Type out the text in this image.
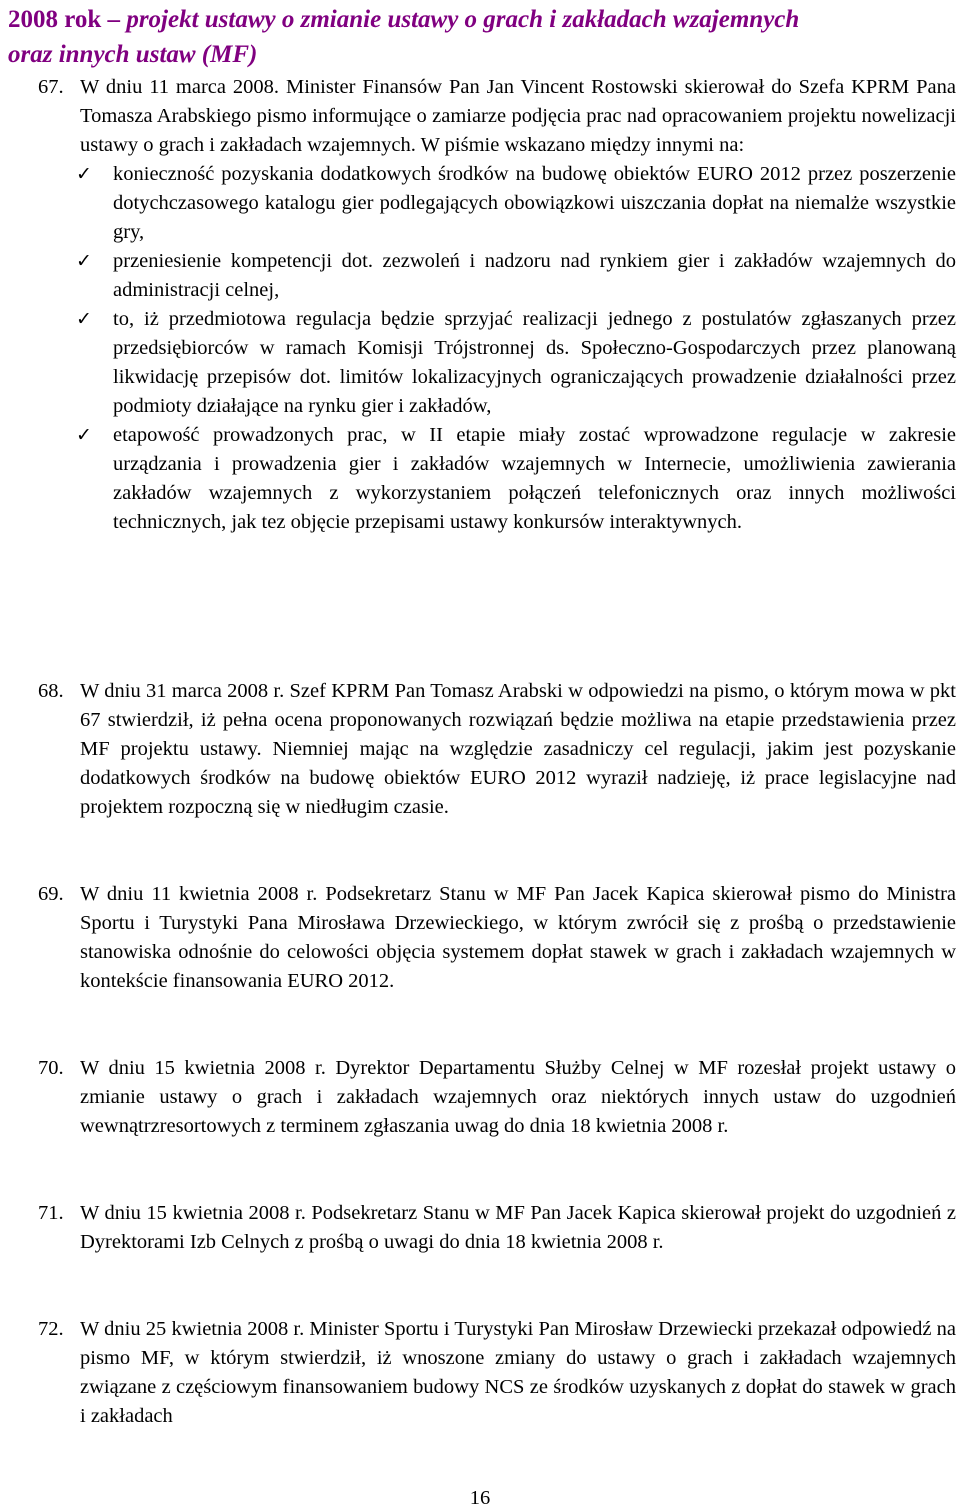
2008 rok – projekt ustawy o zmianie ustawy o grach i zakładach wzajemnych
oraz innych ustaw (MF)
67. W dniu 11 marca 2008. Minister Finansów Pan Jan Vincent Rostowski skierował do Szefa KPRM Pana Tomasza Arabskiego pismo informujące o zamiarze podjęcia prac nad opracowaniem projektu nowelizacji ustawy o grach i zakładach wzajemnych. W piśmie wskazano między innymi na:
✓ konieczność pozyskania dodatkowych środków na budowę obiektów EURO 2012 przez poszerzenie dotychczasowego katalogu gier podlegających obowiązkowi uiszczania dopłat na niemalże wszystkie gry,
✓ przeniesienie kompetencji dot. zezwoleń i nadzoru nad rynkiem gier i zakładów wzajemnych do administracji celnej,
✓ to, iż przedmiotowa regulacja będzie sprzyjać realizacji jednego z postulatów zgłaszanych przez przedsiębiorców w ramach Komisji Trójstronnej ds. Społeczno-Gospodarczych przez planowaną likwidację przepisów dot. limitów lokalizacyjnych ograniczających prowadzenie działalności przez podmioty działające na rynku gier i zakładów,
✓ etapowość prowadzonych prac, w II etapie miały zostać wprowadzone regulacje w zakresie urządzania i prowadzenia gier i zakładów wzajemnych w Internecie, umożliwienia zawierania zakładów wzajemnych z wykorzystaniem połączeń telefonicznych oraz innych możliwości technicznych, jak tez objęcie przepisami ustawy konkursów interaktywnych.
68. W dniu 31 marca 2008 r. Szef KPRM Pan Tomasz Arabski w odpowiedzi na pismo, o którym mowa w pkt 67 stwierdził, iż pełna ocena proponowanych rozwiązań będzie możliwa na etapie przedstawienia przez MF projektu ustawy. Niemniej mając na względzie zasadniczy cel regulacji, jakim jest pozyskanie dodatkowych środków na budowę obiektów EURO 2012 wyraził nadzieję, iż prace legislacyjne nad projektem rozpoczną się w niedługim czasie.
69. W dniu 11 kwietnia 2008 r. Podsekretarz Stanu w MF Pan Jacek Kapica skierował pismo do Ministra Sportu i Turystyki Pana Mirosława Drzewieckiego, w którym zwrócił się z prośbą o przedstawienie stanowiska odnośnie do celowości objęcia systemem dopłat stawek w grach i zakładach wzajemnych w kontekście finansowania EURO 2012.
70. W dniu 15 kwietnia 2008 r. Dyrektor Departamentu Służby Celnej w MF rozesłał projekt ustawy o zmianie ustawy o grach i zakładach wzajemnych oraz niektórych innych ustaw do uzgodnień wewnątrzresortowych z terminem zgłaszania uwag do dnia 18 kwietnia 2008 r.
71. W dniu 15 kwietnia 2008 r. Podsekretarz Stanu w MF Pan Jacek Kapica skierował projekt do uzgodnień z Dyrektorami Izb Celnych z prośbą o uwagi do dnia 18 kwietnia 2008 r.
72. W dniu 25 kwietnia 2008 r. Minister Sportu i Turystyki Pan Mirosław Drzewiecki przekazał odpowiedź na pismo MF, w którym stwierdził, iż wnoszone zmiany do ustawy o grach i zakładach wzajemnych związane z częściowym finansowaniem budowy NCS ze środków uzyskanych z dopłat do stawek w grach i zakładach
16
